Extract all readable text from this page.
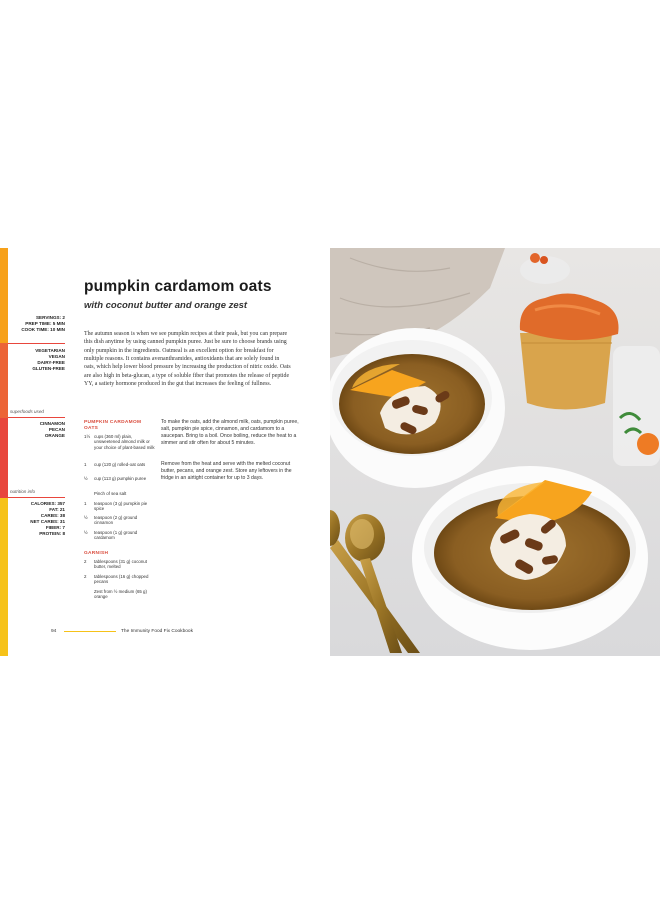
pumpkin cardamom oats
with coconut butter and orange zest
SERVINGS: 2
PREP TIME: 5 MIN
COOK TIME: 10 MIN
VEGETARIAN
VEGAN
DAIRY-FREE
GLUTEN-FREE
superfoods used
CINNAMON
PECAN
ORANGE
nutrition info
CALORIES: 357
FAT: 21
CARBS: 38
NET CARBS: 31
FIBER: 7
PROTEIN: 8

The autumn season is when we see pumpkin recipes at their peak, but you can prepare this dish anytime by using canned pumpkin puree. Just be sure to choose brands using only pumpkin in the ingredients. Oatmeal is an excellent option for breakfast for multiple reasons. It contains avenanthramides, antioxidants that are solely found in oats, which help lower blood pressure by increasing the production of nitric oxide. Oats are also high in beta-glucan, a type of soluble fiber that promotes the release of peptide YY, a satiety hormone produced in the gut that increases the feeling of fullness.

PUMPKIN CARDAMOM OATS
1½ cups (360 ml) plain, unsweetened almond milk or your choice of plant-based milk
1	cup (120 g) rolled-oat oats
½	cup (113 g) pumpkin puree
Pinch of sea salt
1	teaspoon (3 g) pumpkin pie spice
½	teaspoon (2 g) ground cinnamon
½	teaspoon (1 g) ground cardamom
GARNISH
2	tablespoons (31 g) coconut butter, melted
2	tablespoons (16 g) chopped pecans
Zest from ½ medium (65 g) orange

To make the oats, add the almond milk, oats, pumpkin puree, salt, pumpkin pie spice, cinnamon, and cardamom to a saucepan. Bring to a boil. Once boiling, reduce the heat to a simmer and stir often for about 5 minutes.

Remove from the heat and serve with the melted coconut butter, pecans, and orange zest. Store any leftovers in the fridge in an airtight container for up to 3 days.

94	The Immunity Food Fix Cookbook
